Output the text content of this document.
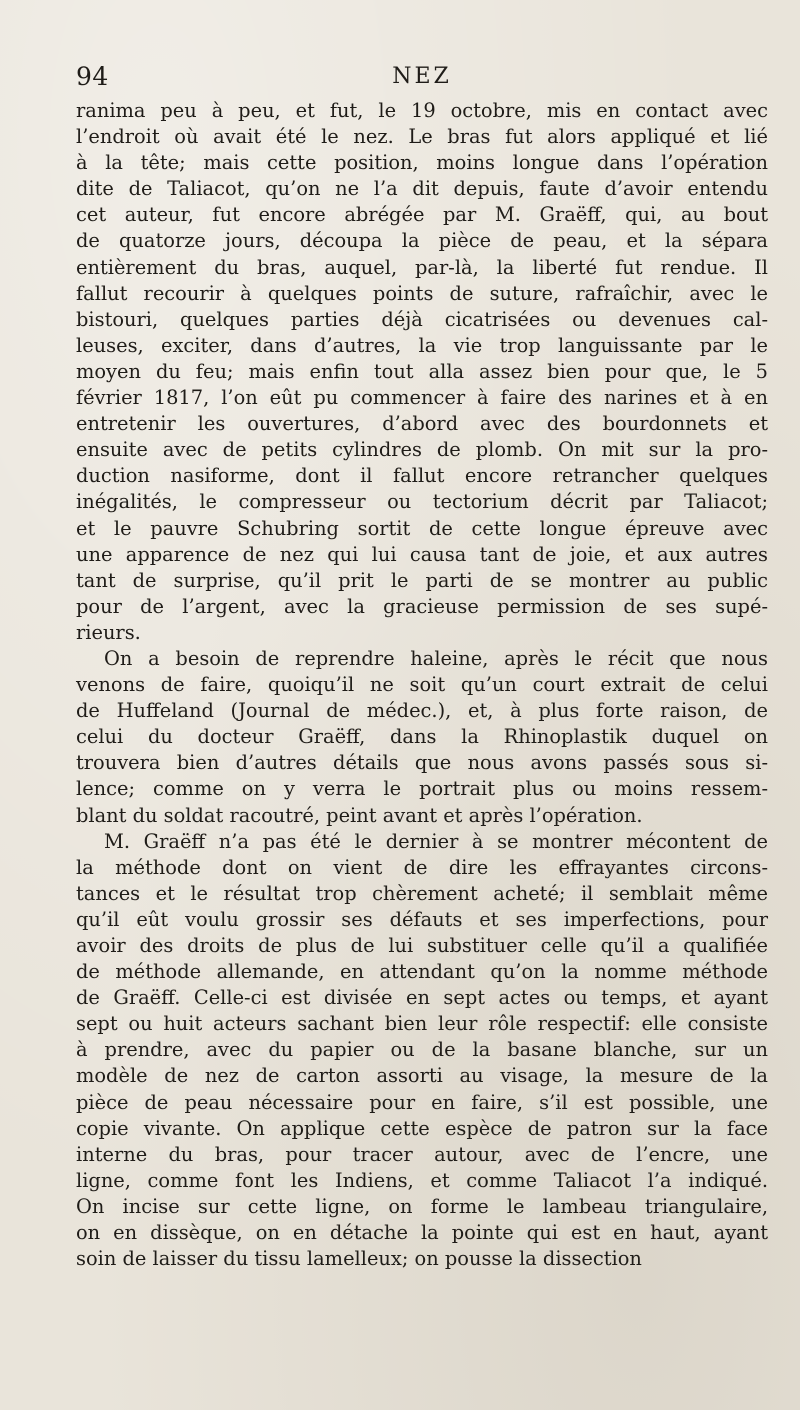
94	NEZ
ranima peu à peu, et fut, le 19 octobre, mis en contact avec
l’endroit où avait été le nez. Le bras fut alors appliqué et lié
à la tête; mais cette position, moins longue dans l’opération
dite de Taliacot, qu’on ne l’a dit depuis, faute d’avoir entendu
cet auteur, fut encore abrégée par M. Graëff, qui, au bout
de quatorze jours, découpa la pièce de peau, et la sépara
entièrement du bras, auquel, par-là, la liberté fut rendue. Il
fallut recourir à quelques points de suture, rafraîchir, avec le
bistouri, quelques parties déjà cicatrisées ou devenues cal-
leuses, exciter, dans d’autres, la vie trop languissante par le
moyen du feu; mais enfin tout alla assez bien pour que, le 5
février 1817, l’on eût pu commencer à faire des narines et à en
entretenir les ouvertures, d’abord avec des bourdonnets et
ensuite avec de petits cylindres de plomb. On mit sur la pro-
duction nasiforme, dont il fallut encore retrancher quelques
inégalités, le compresseur ou tectorium décrit par Taliacot;
et le pauvre Schubring sortit de cette longue épreuve avec
une apparence de nez qui lui causa tant de joie, et aux autres
tant de surprise, qu’il prit le parti de se montrer au public
pour de l’argent, avec la gracieuse permission de ses supé-
rieurs.
On a besoin de reprendre haleine, après le récit que nous
venons de faire, quoiqu’il ne soit qu’un court extrait de celui
de Huffeland (Journal de médec.), et, à plus forte raison, de
celui du docteur Graëff, dans la Rhinoplastik duquel on
trouvera bien d’autres détails que nous avons passés sous si-
lence; comme on y verra le portrait plus ou moins ressem-
blant du soldat racoutré, peint avant et après l’opération.
M. Graëff n’a pas été le dernier à se montrer mécontent de
la méthode dont on vient de dire les effrayantes circons-
tances et le résultat trop chèrement acheté; il semblait même
qu’il eût voulu grossir ses défauts et ses imperfections, pour
avoir des droits de plus de lui substituer celle qu’il a qualifiée
de méthode allemande, en attendant qu’on la nomme méthode
de Graëff. Celle-ci est divisée en sept actes ou temps, et ayant
sept ou huit acteurs sachant bien leur rôle respectif: elle consiste
à prendre, avec du papier ou de la basane blanche, sur un
modèle de nez de carton assorti au visage, la mesure de la
pièce de peau nécessaire pour en faire, s’il est possible, une
copie vivante. On applique cette espèce de patron sur la face
interne du bras, pour tracer autour, avec de l’encre, une
ligne, comme font les Indiens, et comme Taliacot l’a indiqué.
On incise sur cette ligne, on forme le lambeau triangulaire,
on en dissèque, on en détache la pointe qui est en haut, ayant
soin de laisser du tissu lamelleux; on pousse la dissection
